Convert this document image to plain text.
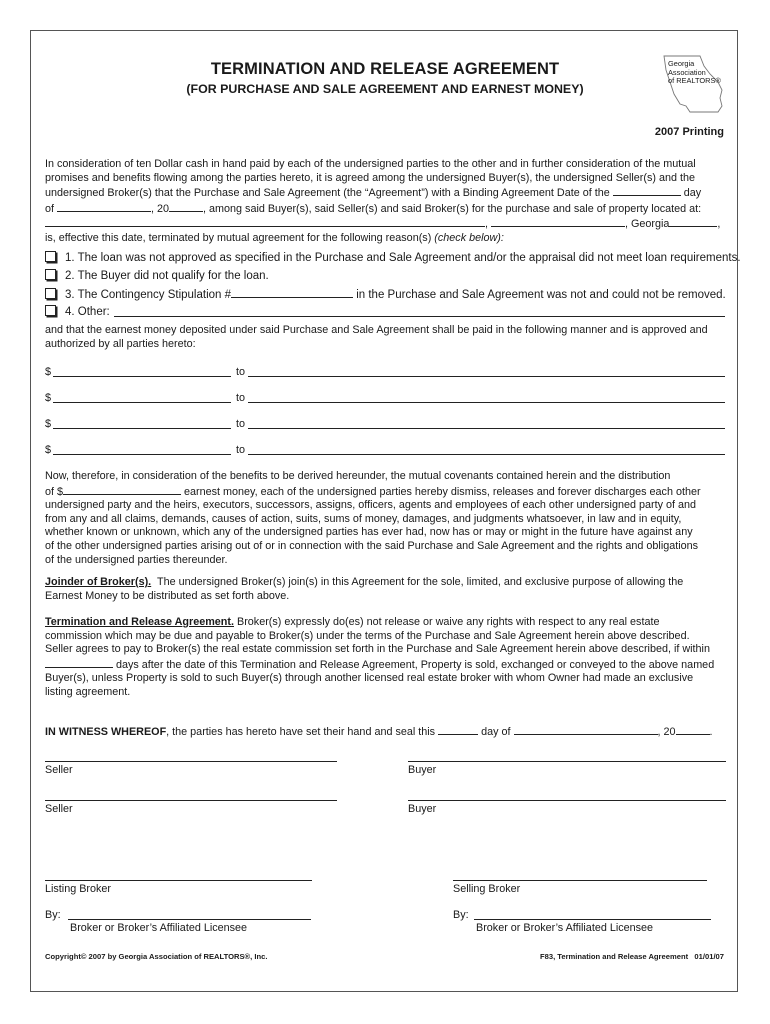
TERMINATION AND RELEASE AGREEMENT
(FOR PURCHASE AND SALE AGREEMENT AND EARNEST MONEY)
Georgia
Association
of REALTORS®
2007 Printing
In consideration of ten Dollar cash in hand paid by each of the undersigned parties to the other and in further consideration of the mutual
promises and benefits flowing among the parties hereto, it is agreed among the undersigned Buyer(s), the undersigned Seller(s) and the
undersigned Broker(s) that the Purchase and Sale Agreement (the “Agreement”) with a Binding Agreement Date of the	day
of	, 20	, among said Buyer(s), said Seller(s) and said Broker(s) for the purchase and sale of property located at:
,	, Georgia	,
is, effective this date, terminated by mutual agreement for the following reason(s) (check below):
1. The loan was not approved as specified in the Purchase and Sale Agreement and/or the appraisal did not meet loan requirements.
2. The Buyer did not qualify for the loan.
3. The Contingency Stipulation #	in the Purchase and Sale Agreement was not and could not be removed.
4. Other:
and that the earnest money deposited under said Purchase and Sale Agreement shall be paid in the following manner and is approved and
authorized by all parties hereto:
$	to
$	to
$	to
$	to
Now, therefore, in consideration of the benefits to be derived hereunder, the mutual covenants contained herein and the distribution
of $	earnest money, each of the undersigned parties hereby dismiss, releases and forever discharges each other
undersigned party and the heirs, executors, successors, assigns, officers, agents and employees of each other undersigned party of and
from any and all claims, demands, causes of action, suits, sums of money, damages, and judgments whatsoever, in law and in equity,
whether known or unknown, which any of the undersigned parties has ever had, now has or may or might in the future have against any
of the other undersigned parties arising out of or in connection with the said Purchase and Sale Agreement and the rights and obligations
of the undersigned parties thereunder.
Joinder of Broker(s). The undersigned Broker(s) join(s) in this Agreement for the sole, limited, and exclusive purpose of allowing the
Earnest Money to be distributed as set forth above.
Termination and Release Agreement. Broker(s) expressly do(es) not release or waive any rights with respect to any real estate
commission which may be due and payable to Broker(s) under the terms of the Purchase and Sale Agreement herein above described.
Seller agrees to pay to Broker(s) the real estate commission set forth in the Purchase and Sale Agreement herein above described, if within
days after the date of this Termination and Release Agreement, Property is sold, exchanged or conveyed to the above named
Buyer(s), unless Property is sold to such Buyer(s) through another licensed real estate broker with whom Owner had made an exclusive
listing agreement.
IN WITNESS WHEREOF, the parties has hereto have set their hand and seal this	day of	, 20	.
Seller	Buyer
Seller	Buyer
Listing Broker	Selling Broker
By:
Broker or Broker’s Affiliated Licensee
By:
Broker or Broker’s Affiliated Licensee
Copyright© 2007 by Georgia Association of REALTORS®, Inc.	F83, Termination and Release Agreement   01/01/07
